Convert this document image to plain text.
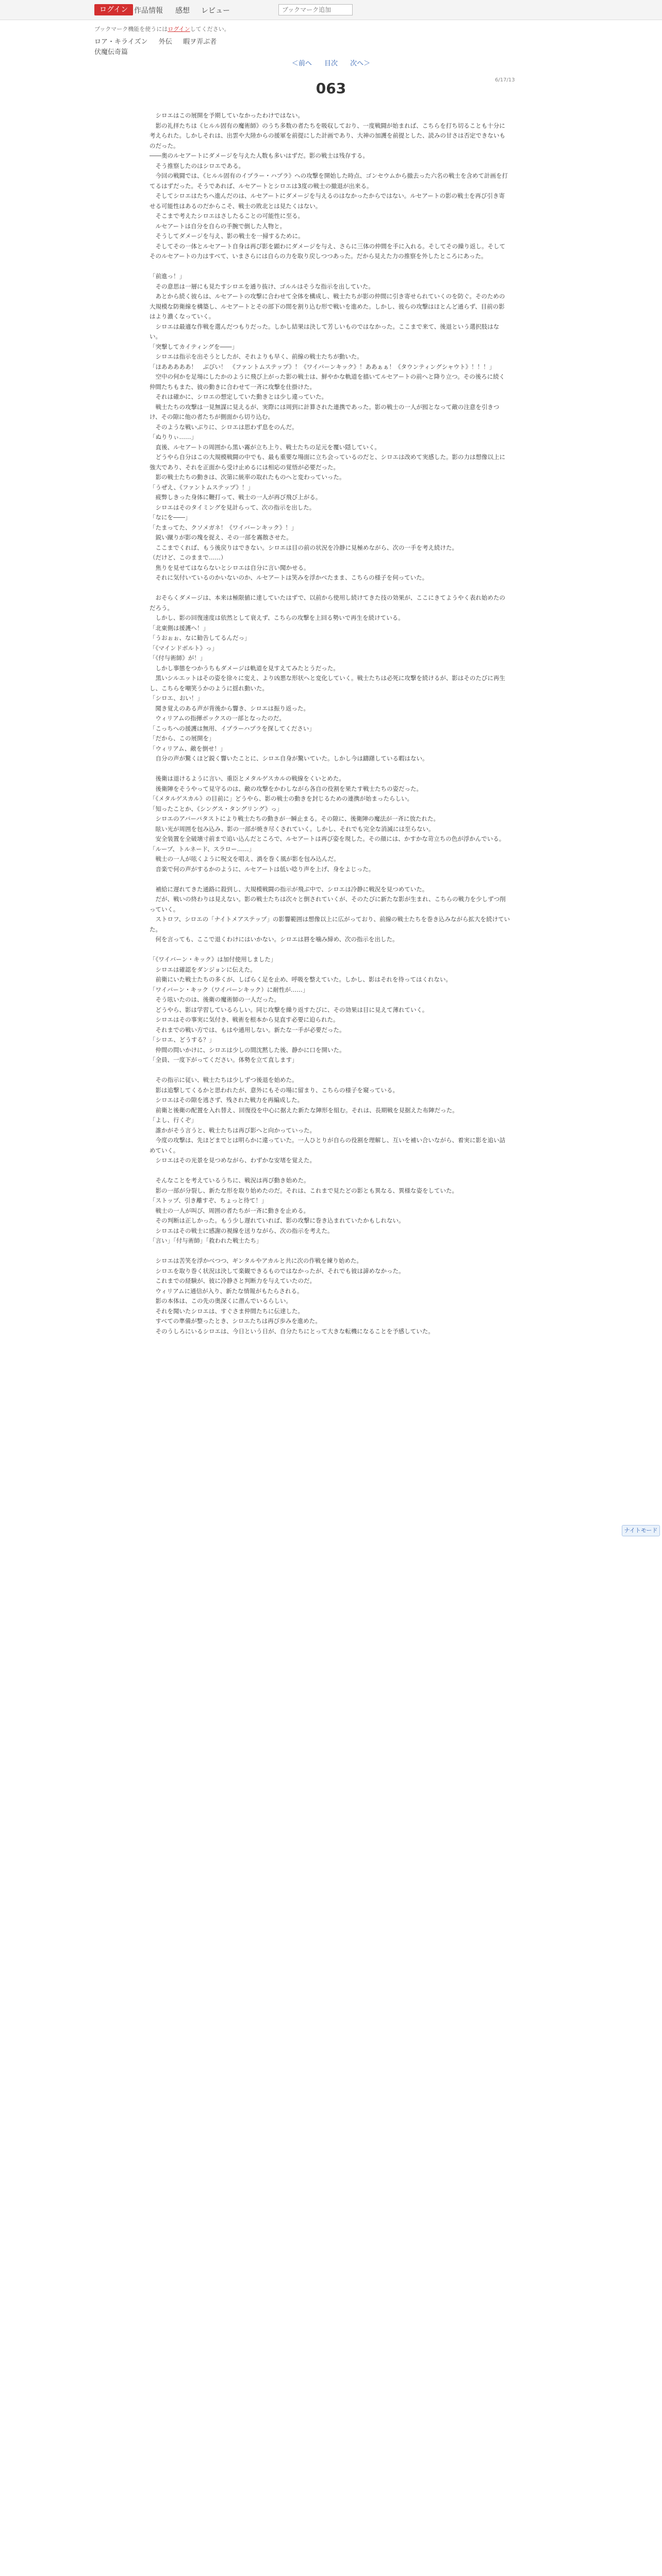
ログイン 作品情報 感想 レビュー
ブックマーク追加
ブックマーク機能を使うにはログインしてください。
ロア・キライズン 　 外伝 　 暇ヲ弄ぶ者
伏魔伝奇篇
＜前へ 目次 次へ＞
6/17/13
063

　シロエはこの展開を予期していなかったわけではない。

　影の礼拝たちは《ヒルル固有の魔術師》のうち多数の者たちを吸収しており、一度戦闘が始まれば、こちらを打ち切ることも十分に考えられた。しかしそれは、出雲や大陸からの援軍を前提にした計画であり、大神の加護を前提とした、読みの甘さは否定できないものだった。

――奥のルセアートにダメージを与えた人数も多いはずだ。影の戦士は残存する。

　そう推察したのはシロエである。

　今回の戦闘では、《ヒルル固有のイプラー・ハプラ》への攻撃を開始した時点、ゴンセウムから撤去った六名の戦士を含めて計画を打てるはずだった。そうであれば、ルセアートとシロエは3度の戦士の撤退が出来る。

　そしてシロエはたちへ進んだのは、ルセアートにダメージを与えるのはなかったからではない。ルセアートの影の戦士を再び引き寄せる可能性はあるのだからこそ、戦士の敗北とは見たくはない。

　そこまで考えたシロエはさしたることの可能性に至る。

　ルセアートは自分を自らの手腕で倒した人物と。

　そうしてダメージを与え、影の戦士を一掃するために。

　そしてその一体とルセアート自身は再び影を顕わにダメージを与え、さらに三体の仲間を手に入れる。そしてその繰り返し。そしてそのルセアートの力はすべて、いまさらには自らの力を取り戻しつつあった。だから見えた力の推察を外したところにあった。

「前進っ！」

　その意思は一層にも見たすシロエを通り抜け、ゴルルはそうな指示を出していた。

　あとから続く彼らは、ルセアートの攻撃に合わせて全体を構成し、戦士たちが影の仲間に引き寄せられていくのを防ぐ。そのための大規模な防衛線を構築し、ルセアートとその部下の間を割り込む形で戦いを進めた。しかし、彼らの攻撃はほとんど通らず、目前の影はより濃くなっていく。

　シロエは最適な作戦を選んだつもりだった。しかし結果は決して芳しいものではなかった。ここまで来て、後退という選択肢はない。

「突撃してカイティングを――」

　シロエは指示を出そうとしたが、それよりも早く、前線の戦士たちが動いた。

「ほあああああ！　ぶびい！　《ファントムステップ》！《ワイバーンキック》！ああぁぁ！《タウンティングシャウト》！！！」

　空中の何かを足場にしたかのように飛び上がった影の戦士は、鮮やかな軌道を描いてルセアートの前へと降り立つ。その後ろに続く仲間たちもまた、彼の動きに合わせて一斉に攻撃を仕掛けた。

　それは確かに、シロエの想定していた動きとは少し違っていた。

　戦士たちの攻撃は一見無謀に見えるが、実際には周到に計算された連携であった。影の戦士の一人が囮となって敵の注意を引きつけ、その隙に他の者たちが側面から切り込む。

　そのような戦いぶりに、シロエは思わず息をのんだ。

「ぬりりぃ……」

　直後、ルセアートの周囲から黒い霧が立ち上り、戦士たちの足元を覆い隠していく。

　どうやら自分はこの大規模戦闘の中でも、最も重要な場面に立ち会っているのだと、シロエは改めて実感した。影の力は想像以上に強大であり、それを正面から受け止めるには相応の覚悟が必要だった。

　影の戦士たちの動きは、次第に統率の取れたものへと変わっていった。

「うぜえ、《ファントムステップ》！」

　疲弊しきった身体に鞭打って、戦士の一人が再び飛び上がる。

　シロエはそのタイミングを見計らって、次の指示を出した。

「なにを――」

「たまってた、クソメガネ！《ワイバーンキック》！」

　鋭い蹴りが影の塊を捉え、その一部を霧散させた。

　ここまでくれば、もう後戻りはできない。シロエは目の前の状況を冷静に見極めながら、次の一手を考え続けた。

（だけど、このままで……）

　焦りを見せてはならないとシロエは自分に言い聞かせる。

　それに気付いているのかいないのか、ルセアートは笑みを浮かべたまま、こちらの様子を伺っていた。

　おそらくダメージは、本来は極限値に達していたはずで、以前から使用し続けてきた技の効果が、ここにきてようやく表れ始めたのだろう。

　しかし、影の回復速度は依然として衰えず、こちらの攻撃を上回る勢いで再生を続けている。

「北東側は援護へ！」

「うおぉぉ、なに勧告してるんだっ」

「《マインドボルト》っ」

「《付与術師》が！」

　しかし事態をつかうちもダメージは軌道を見すえてみたとうだった。

　黒いシルエットはその姿を徐々に変え、より凶悪な形状へと変化していく。戦士たちは必死に攻撃を続けるが、影はそのたびに再生し、こちらを嘲笑うかのように揺れ動いた。

「シロエ、おい！」

　聞き覚えのある声が背後から響き、シロエは振り返った。

　ウィリアムの指揮ボックスの一部となったのだ。

「こっちへの援護は無用、イプラーハプラを探してください」

「だから、この展開を」

「ウィリアム、敵を倒せ！」

　自分の声が驚くほど鋭く響いたことに、シロエ自身が驚いていた。しかし今は躊躇している暇はない。

　後衛は退けるように言い、重臣とメタルゲスカルの戦線をくいとめた。

　後衛陣をそうやって見守るのは、敵の攻撃をかわしながら各自の役割を果たす戦士たちの姿だった。

「《メタルゲスカル》の目前に」どうやら、影の戦士の動きを封じるための連携が始まったらしい。

「知ったことか、《シングス・タングリング》っ」

　シロエのアバーバタストにより戦士たちの動きが一瞬止まる。その隙に、後衛陣の魔法が一斉に放たれた。

　眩い光が周囲を包み込み、影の一部が焼き尽くされていく。しかし、それでも完全な消滅には至らない。

　安全装置を全破壊寸前まで追い込んだところで、ルセアートは再び姿を現した。その顔には、かすかな苛立ちの色が浮かんでいる。

「ループ、トルネード、スラロー……」

　戦士の一人が呟くように呪文を唱え、渦を巻く風が影を包み込んだ。

　音楽で何の声がするかのように、ルセアートは低い唸り声を上げ、身をよじった。

　補給に遅れてきた通路に殺到し、大規模戦闘の指示が飛ぶ中で、シロエは冷静に戦況を見つめていた。

　だが、戦いの終わりは見えない。影の戦士たちは次々と倒されていくが、そのたびに新たな影が生まれ、こちらの戦力を少しずつ削っていく。

　ストロフ、シロエの「ナイトメアステップ」の影響範囲は想像以上に広がっており、前線の戦士たちを巻き込みながら拡大を続けていた。

　何を言っても、ここで退くわけにはいかない。シロエは唇を噛み締め、次の指示を出した。

「《ワイバーン・キック》は加付使用しました」

　シロエは確認をダンジョンに伝えた。

　前衛にいた戦士たちの多くが、しばらく足を止め、呼吸を整えていた。しかし、影はそれを待ってはくれない。

「ワイバーン・キック（ワイバーンキック）に耐性が……」

　そう呟いたのは、後衛の魔術師の一人だった。

　どうやら、影は学習しているらしい。同じ攻撃を繰り返すたびに、その効果は目に見えて薄れていく。

　シロエはその事実に気付き、戦術を根本から見直す必要に迫られた。

　それまでの戦い方では、もはや通用しない。新たな一手が必要だった。

「シロエ、どうする？」

　仲間の問いかけに、シロエは少しの間沈黙した後、静かに口を開いた。

「全員、一度下がってください。体勢を立て直します」

　その指示に従い、戦士たちは少しずつ後退を始めた。

　影は追撃してくるかと思われたが、意外にもその場に留まり、こちらの様子を窺っている。

　シロエはその隙を逃さず、残された戦力を再編成した。

　前衛と後衛の配置を入れ替え、回復役を中心に据えた新たな陣形を組む。それは、長期戦を見据えた布陣だった。

「よし、行くぞ」

　誰かがそう言うと、戦士たちは再び影へと向かっていった。

　今度の攻撃は、先ほどまでとは明らかに違っていた。一人ひとりが自らの役割を理解し、互いを補い合いながら、着実に影を追い詰めていく。

　シロエはその光景を見つめながら、わずかな安堵を覚えた。

　そんなことを考えているうちに、戦況は再び動き始めた。

　影の一部が分裂し、新たな形を取り始めたのだ。それは、これまで見たどの影とも異なる、異様な姿をしていた。

「ストップ、引き離すぞ、ちょっと待て！」

　戦士の一人が叫び、周囲の者たちが一斉に動きを止める。

　その判断は正しかった。もう少し遅れていれば、影の攻撃に巻き込まれていたかもしれない。

　シロエはその戦士に感謝の視線を送りながら、次の指示を考えた。

「言い」「付与術師」「救われた戦士たち」

　シロエは苦笑を浮かべつつ、ギンタルやアカルと共に次の作戦を練り始めた。

　シロエを取り巻く状況は決して楽観できるものではなかったが、それでも彼は諦めなかった。

　これまでの経験が、彼に冷静さと判断力を与えていたのだ。

　ウィリアムに通信が入り、新たな情報がもたらされる。

　影の本体は、この先の奥深くに潜んでいるらしい。

　それを聞いたシロエは、すぐさま仲間たちに伝達した。

　すべての準備が整ったとき、シロエたちは再び歩みを進めた。

　そのうしろにいるシロエは、今日という日が、自分たちにとって大きな転機になることを予感していた。

ナイトモード
